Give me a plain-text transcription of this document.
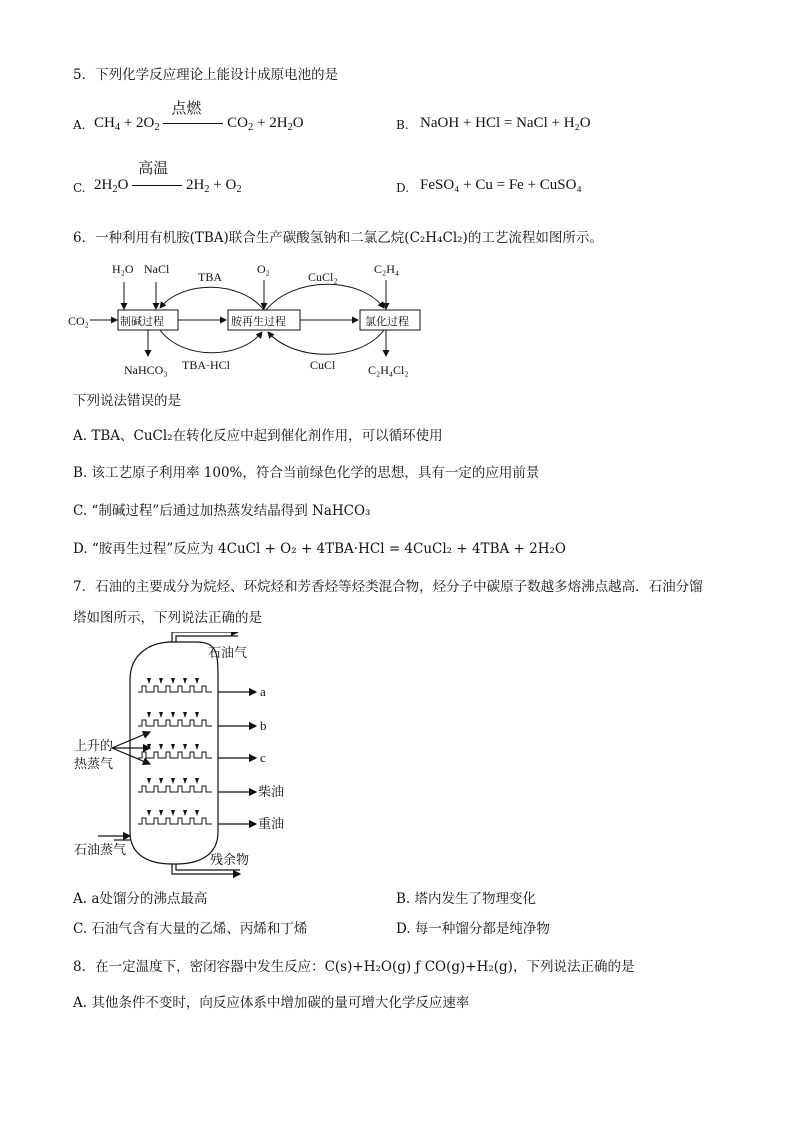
5．下列化学反应理论上能设计成原电池的是
A. $CH_4 + 2O_2$
点燃
$CO_2 + 2H_2O$	B. NaOH + HCl = NaCl + H₂O
C. $2H_2O$
高温
$2H_2 + O_2$	D. FeSO₄ + Cu = Fe + CuSO₄
6．一种利用有机胺(TBA)联合生产碳酸氢钠和二氯乙烷(C₂H₄Cl₂)的工艺流程如图所示。
制碱过程	胺再生过程	氯化过程
H₂O NaCl
TBA
O₂
CuCl₂
C₂H₄
CO₂
NaHCO₃ TBA·HCl	CuCl	C₂H₄Cl₂
下列说法错误的是
A. TBA、CuCl₂在转化反应中起到催化剂作用，可以循环使用
B. 该工艺原子利用率 100%，符合当前绿色化学的思想，具有一定的应用前景
C. “制碱过程”后通过加热蒸发结晶得到 NaHCO₃
D. “胺再生过程”反应为 4CuCl + O₂ + 4TBA·HCl = 4CuCl₂ + 4TBA + 2H₂O
7．石油的主要成分为烷烃、环烷烃和芳香烃等烃类混合物，烃分子中碳原子数越多熔沸点越高．石油分馏
塔如图所示，下列说法正确的是
石油气
a
b
c
柴油
重油
残余物
上升的
热蒸气
石油蒸气
A. a处馏分的沸点最高	B. 塔内发生了物理变化
C. 石油气含有大量的乙烯、丙烯和丁烯	D. 每一种馏分都是纯净物
8．在一定温度下，密闭容器中发生反应：C(s)+H₂O(g) ƒ CO(g)+H₂(g)，下列说法正确的是
A. 其他条件不变时，向反应体系中增加碳的量可增大化学反应速率
